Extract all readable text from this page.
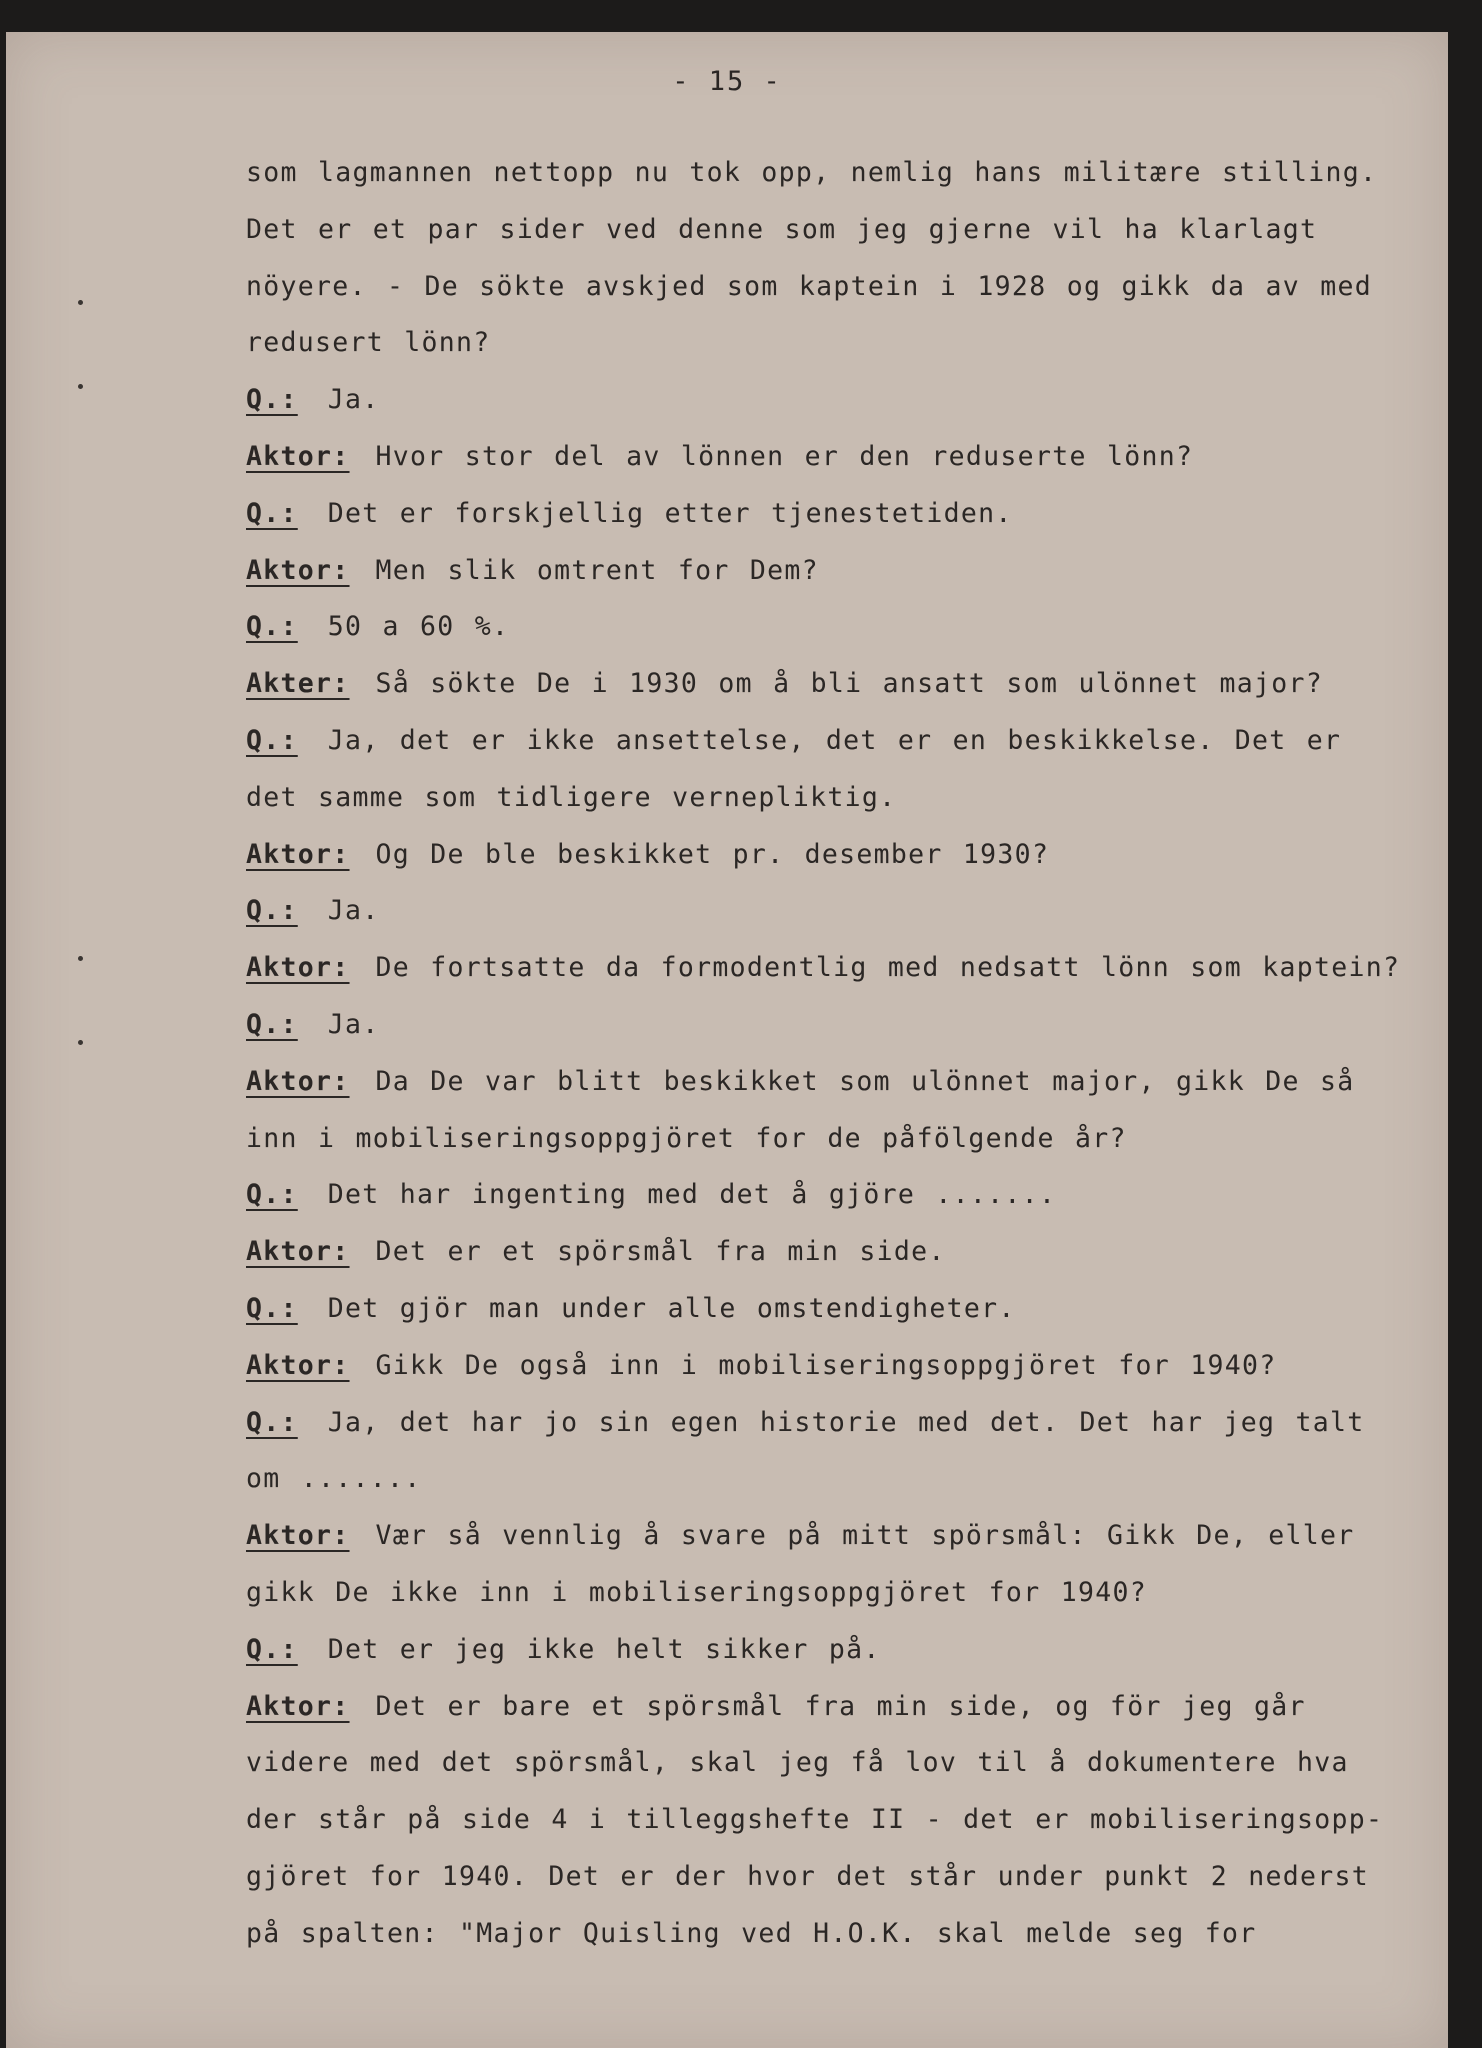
- 15 -
som lagmannen nettopp nu tok opp, nemlig hans militære stilling.
Det er et par sider ved denne som jeg gjerne vil ha klarlagt
nöyere. - De sökte avskjed som kaptein i 1928 og gikk da av med
redusert lönn?
Q.: Ja.
Aktor: Hvor stor del av lönnen er den reduserte lönn?
Q.: Det er forskjellig etter tjenestetiden.
Aktor: Men slik omtrent for Dem?
Q.: 50 a 60 %.
Akter: Så sökte De i 1930 om å bli ansatt som ulönnet major?
Q.: Ja, det er ikke ansettelse, det er en beskikkelse. Det er
det samme som tidligere vernepliktig.
Aktor: Og De ble beskikket pr. desember 1930?
Q.: Ja.
Aktor: De fortsatte da formodentlig med nedsatt lönn som kaptein?
Q.: Ja.
Aktor: Da De var blitt beskikket som ulönnet major, gikk De så
inn i mobiliseringsoppgjöret for de påfölgende år?
Q.: Det har ingenting med det å gjöre .......
Aktor: Det er et spörsmål fra min side.
Q.: Det gjör man under alle omstendigheter.
Aktor: Gikk De også inn i mobiliseringsoppgjöret for 1940?
Q.: Ja, det har jo sin egen historie med det. Det har jeg talt
om .......
Aktor: Vær så vennlig å svare på mitt spörsmål: Gikk De, eller
gikk De ikke inn i mobiliseringsoppgjöret for 1940?
Q.: Det er jeg ikke helt sikker på.
Aktor: Det er bare et spörsmål fra min side, og för jeg går
videre med det spörsmål, skal jeg få lov til å dokumentere hva
der står på side 4 i tilleggshefte II - det er mobiliseringsopp-
gjöret for 1940. Det er der hvor det står under punkt 2 nederst
på spalten: "Major Quisling ved H.O.K. skal melde seg for
